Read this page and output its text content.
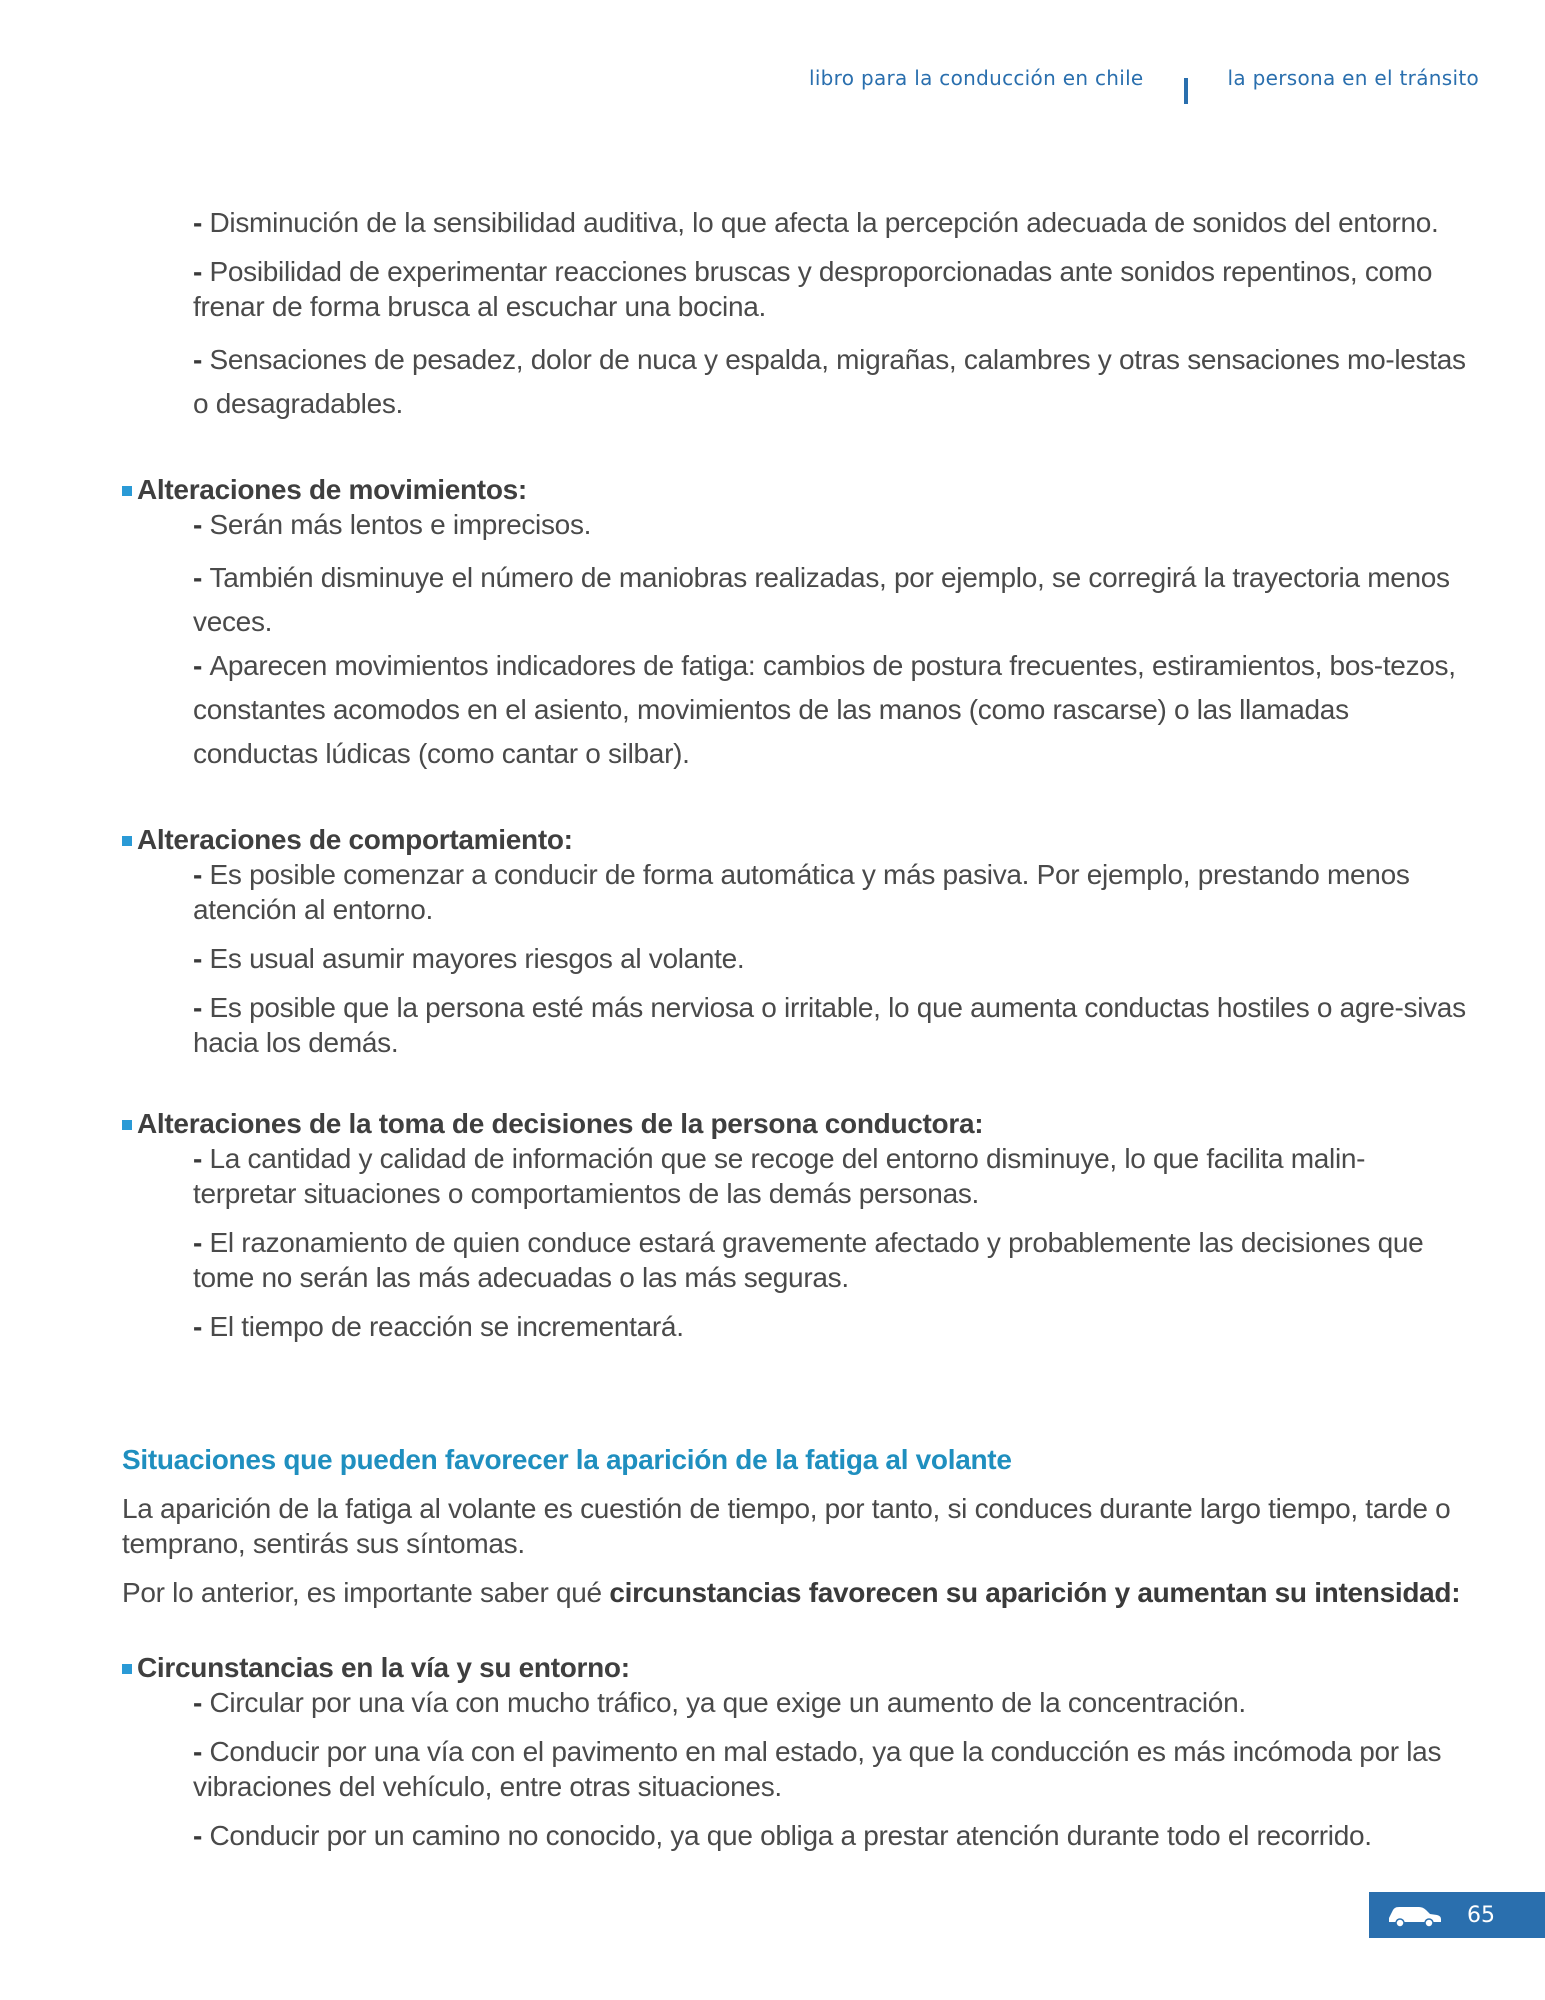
libro para la conducción en chile	la persona en el tránsito
- Disminución de la sensibilidad auditiva, lo que afecta la percepción adecuada de sonidos del entorno.
- Posibilidad de experimentar reacciones bruscas y desproporcionadas ante sonidos repentinos, como frenar de forma brusca al escuchar una bocina.
- Sensaciones de pesadez, dolor de nuca y espalda, migrañas, calambres y otras sensaciones mo-lestas o desagradables.
Alteraciones de movimientos:
- Serán más lentos e imprecisos.
- También disminuye el número de maniobras realizadas, por ejemplo, se corregirá la trayectoria menos veces.
- Aparecen movimientos indicadores de fatiga: cambios de postura frecuentes, estiramientos, bos-tezos, constantes acomodos en el asiento, movimientos de las manos (como rascarse) o las llamadas conductas lúdicas (como cantar o silbar).
Alteraciones de comportamiento:
- Es posible comenzar a conducir de forma automática y más pasiva. Por ejemplo, prestando menos atención al entorno.
- Es usual asumir mayores riesgos al volante.
- Es posible que la persona esté más nerviosa o irritable, lo que aumenta conductas hostiles o agre-sivas hacia los demás.
Alteraciones de la toma de decisiones de la persona conductora:
- La cantidad y calidad de información que se recoge del entorno disminuye, lo que facilita malin-terpretar situaciones o comportamientos de las demás personas.
- El razonamiento de quien conduce estará gravemente afectado y probablemente las decisiones que tome no serán las más adecuadas o las más seguras.
- El tiempo de reacción se incrementará.
Situaciones que pueden favorecer la aparición de la fatiga al volante
La aparición de la fatiga al volante es cuestión de tiempo, por tanto, si conduces durante largo tiempo, tarde o temprano, sentirás sus síntomas.
Por lo anterior, es importante saber qué circunstancias favorecen su aparición y aumentan su intensidad:
Circunstancias en la vía y su entorno:
- Circular por una vía con mucho tráfico, ya que exige un aumento de la concentración.
- Conducir por una vía con el pavimento en mal estado, ya que la conducción es más incómoda por las vibraciones del vehículo, entre otras situaciones.
- Conducir por un camino no conocido, ya que obliga a prestar atención durante todo el recorrido.
65
